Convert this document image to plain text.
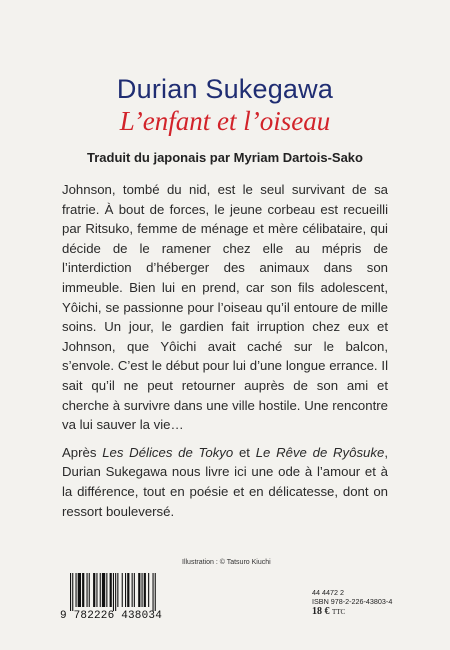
Durian Sukegawa
L’enfant et l’oiseau
Traduit du japonais par Myriam Dartois-Sako

Johnson, tombé du nid, est le seul survivant de sa fratrie. À bout de forces, le jeune corbeau est recueilli par Ritsuko, femme de ménage et mère célibataire, qui décide de le ramener chez elle au mépris de l’interdiction d’héberger des animaux dans son immeuble. Bien lui en prend, car son fils adolescent, Yôichi, se passionne pour l’oiseau qu’il entoure de mille soins. Un jour, le gardien fait irruption chez eux et Johnson, que Yôichi avait caché sur le balcon, s’envole. C’est le début pour lui d’une longue errance. Il sait qu’il ne peut retourner auprès de son ami et cherche à survivre dans une ville hostile. Une rencontre va lui sauver la vie…

Après Les Délices de Tokyo et Le Rêve de Ryôsuke, Durian Sukegawa nous livre ici une ode à l’amour et à la différence, tout en poésie et en délicatesse, dont on ressort bouleversé.

Illustration : © Tatsuro Kiuchi
9 782226 438034
44 4472 2
ISBN 978-2-226-43803-4
18 € TTC
